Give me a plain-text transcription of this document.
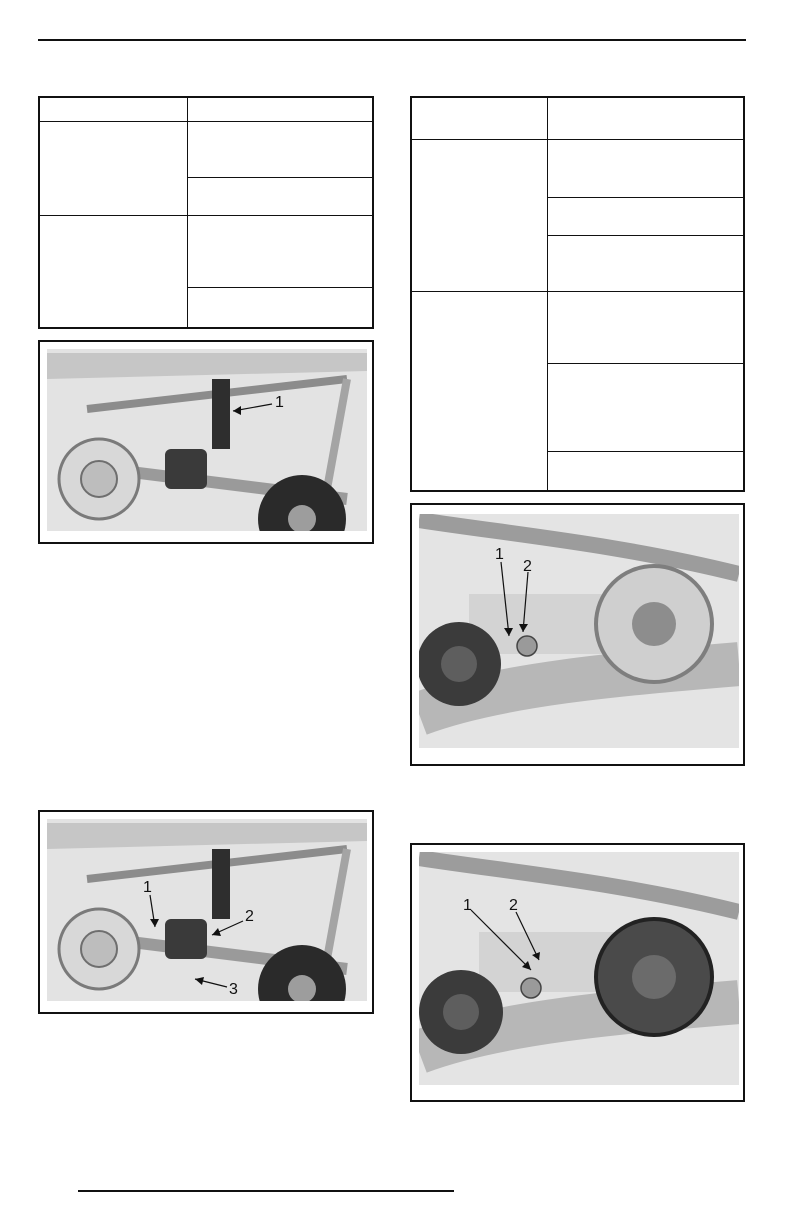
1
1
2
3
1
2
1 2
